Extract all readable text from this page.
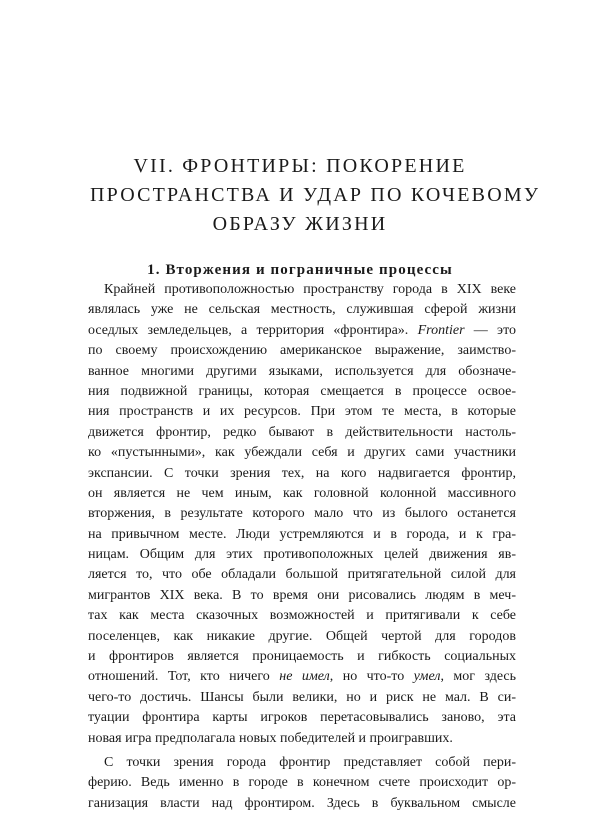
VII. ФРОНТИРЫ: ПОКОРЕНИЕ
ПРОСТРАНСТВА И УДАР ПО КОЧЕВОМУ
ОБРАЗУ ЖИЗНИ
1. Вторжения и пограничные процессы
Крайней противоположностью пространству города в XIX веке
являлась уже не сельская местность, служившая сферой жизни
оседлых земледельцев, а территория «фронтира». Frontier — это
по своему происхождению американское выражение, заимство-
ванное многими другими языками, используется для обозначе-
ния подвижной границы, которая смещается в процессе освое-
ния пространств и их ресурсов. При этом те места, в которые
движется фронтир, редко бывают в действительности настоль-
ко «пустынными», как убеждали себя и других сами участники
экспансии. С точки зрения тех, на кого надвигается фронтир,
он является не чем иным, как головной колонной массивного
вторжения, в результате которого мало что из былого останется
на привычном месте. Люди устремляются и в города, и к гра-
ницам. Общим для этих противоположных целей движения яв-
ляется то, что обе обладали большой притягательной силой для
мигрантов XIX века. В то время они рисовались людям в меч-
тах как места сказочных возможностей и притягивали к себе
поселенцев, как никакие другие. Общей чертой для городов
и фронтиров является проницаемость и гибкость социальных
отношений. Тот, кто ничего не имел, но что-то умел, мог здесь
чего-то достичь. Шансы были велики, но и риск не мал. В си-
туации фронтира карты игроков перетасовывались заново, эта
новая игра предполагала новых победителей и проигравших.
С точки зрения города фронтир представляет собой пери-
ферию. Ведь именно в городе в конечном счете происходит ор-
ганизация власти над фронтиром. Здесь в буквальном смысле
